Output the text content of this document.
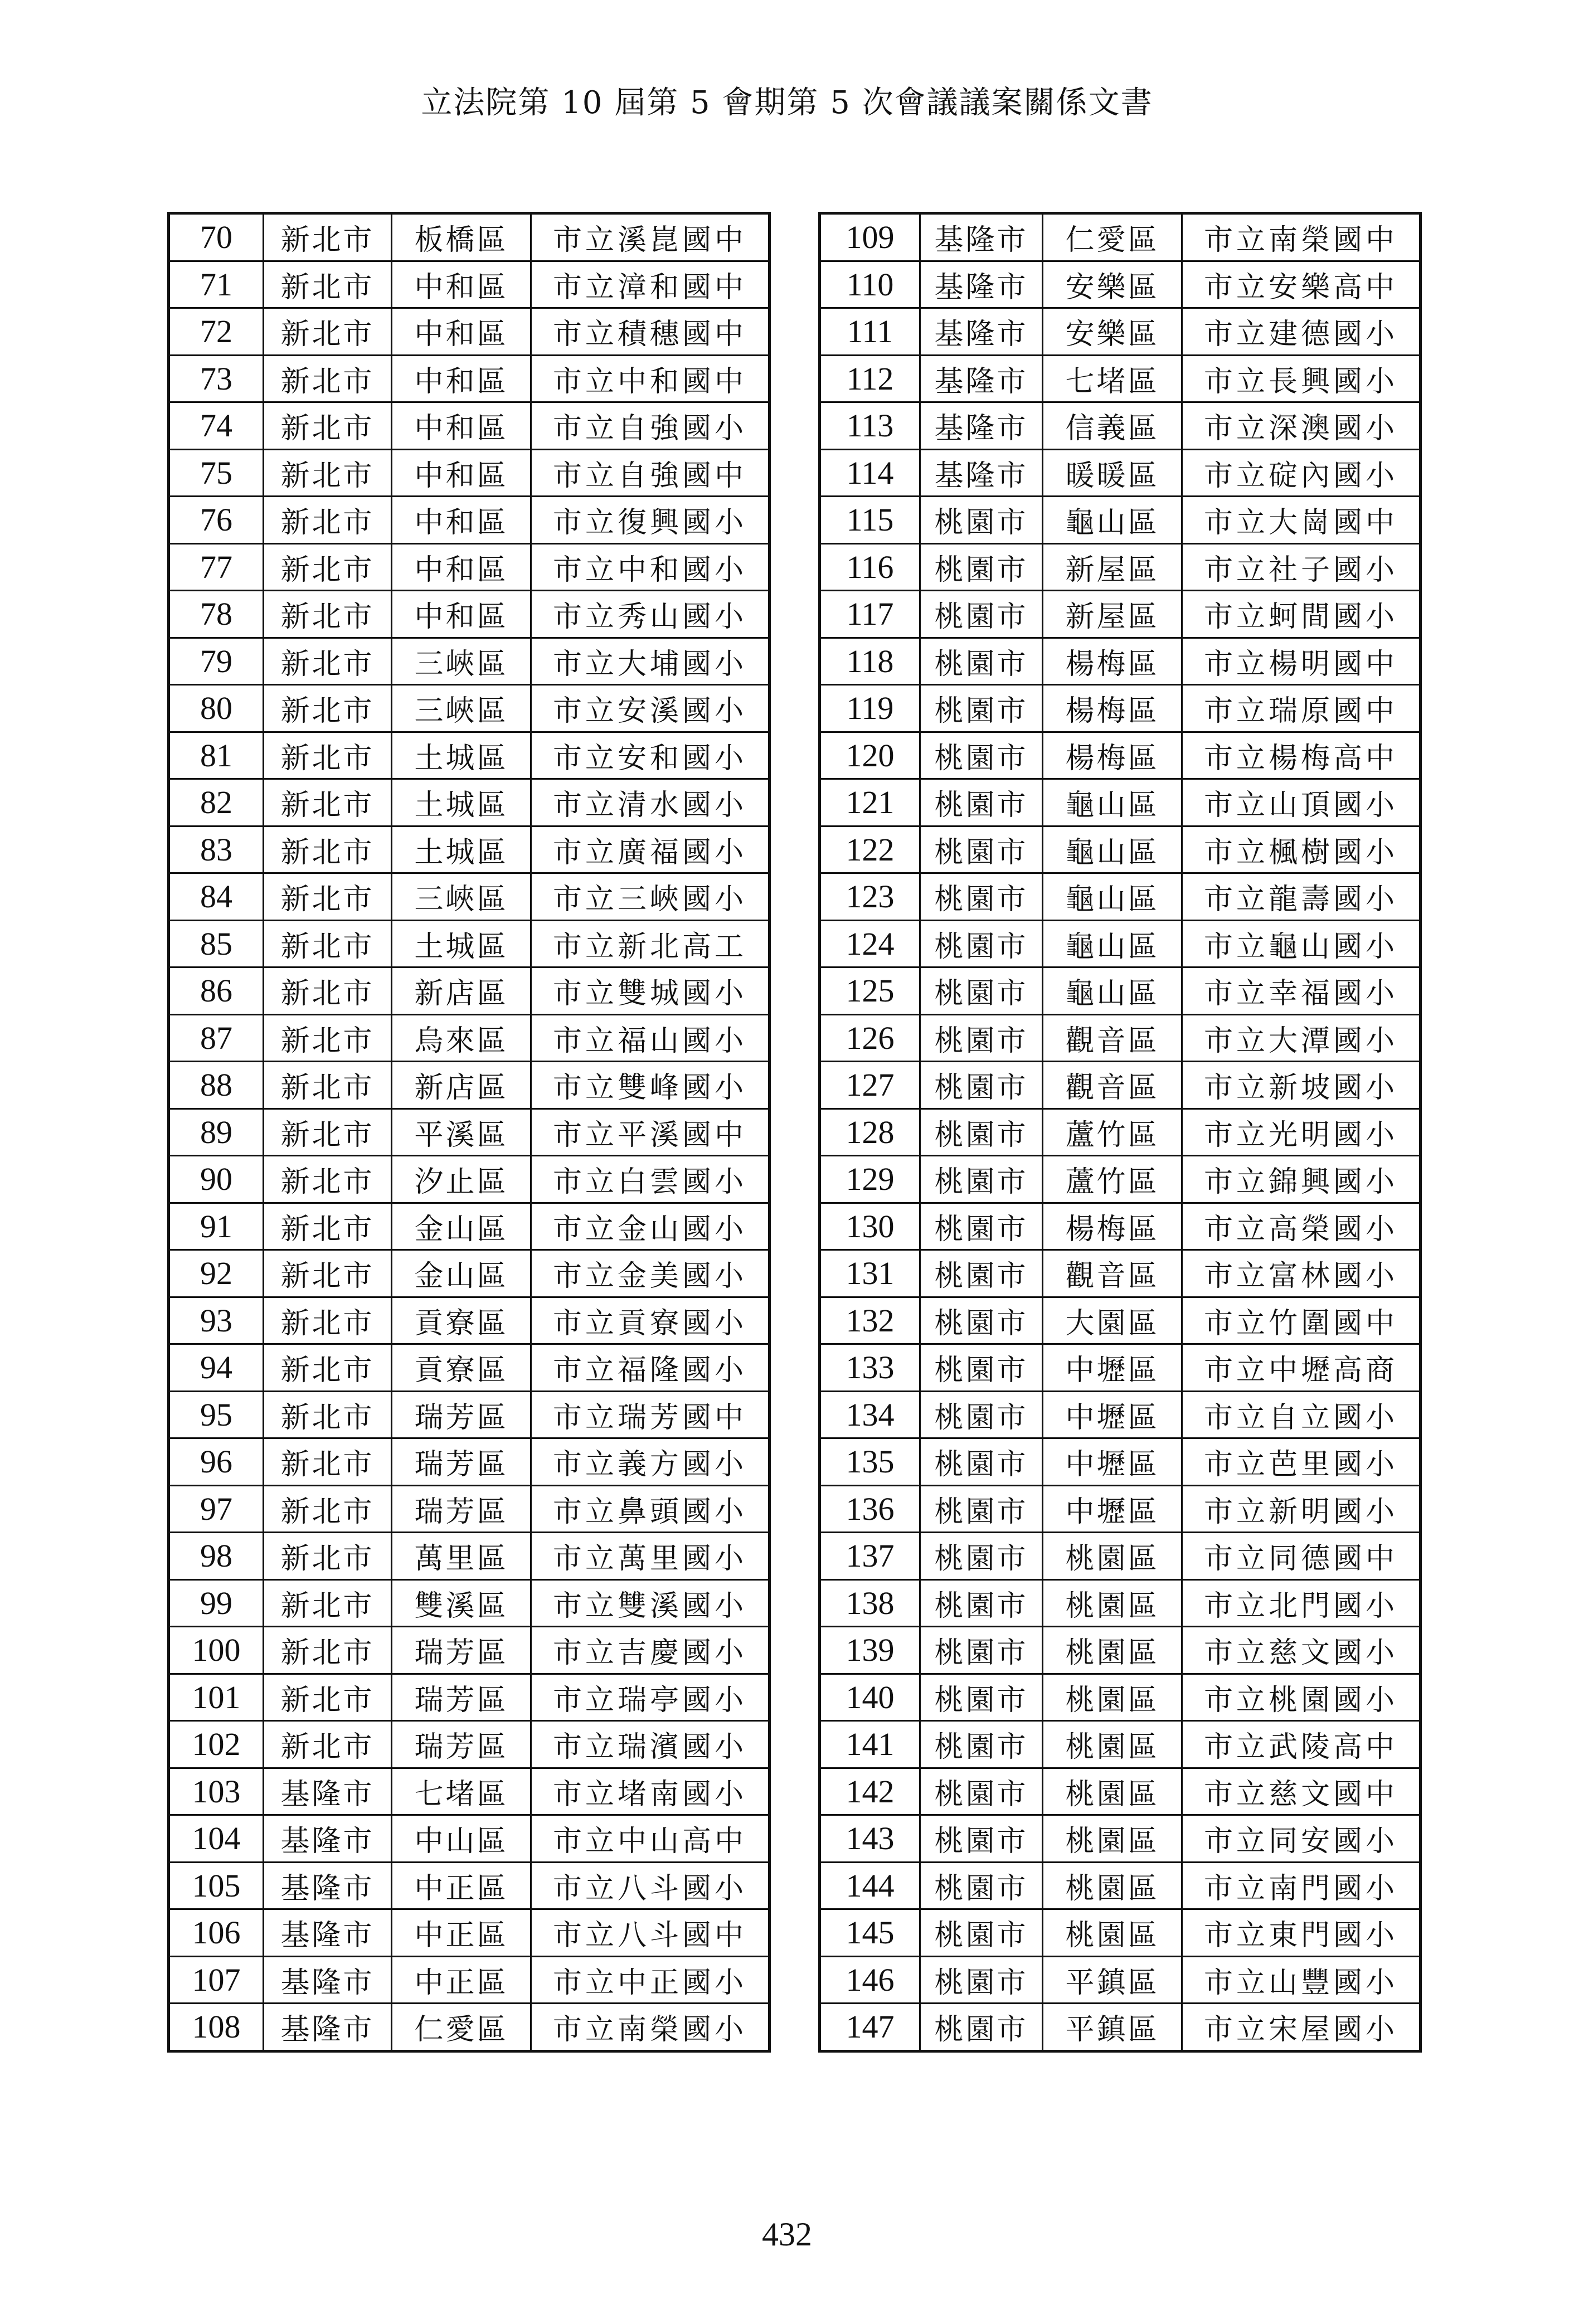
立法院第 10 屆第 5 會期第 5 次會議議案關係文書
70	新北市	板橋區	市立溪崑國中
71	新北市	中和區	市立漳和國中
72	新北市	中和區	市立積穗國中
73	新北市	中和區	市立中和國中
74	新北市	中和區	市立自強國小
75	新北市	中和區	市立自強國中
76	新北市	中和區	市立復興國小
77	新北市	中和區	市立中和國小
78	新北市	中和區	市立秀山國小
79	新北市	三峽區	市立大埔國小
80	新北市	三峽區	市立安溪國小
81	新北市	土城區	市立安和國小
82	新北市	土城區	市立清水國小
83	新北市	土城區	市立廣福國小
84	新北市	三峽區	市立三峽國小
85	新北市	土城區	市立新北高工
86	新北市	新店區	市立雙城國小
87	新北市	烏來區	市立福山國小
88	新北市	新店區	市立雙峰國小
89	新北市	平溪區	市立平溪國中
90	新北市	汐止區	市立白雲國小
91	新北市	金山區	市立金山國小
92	新北市	金山區	市立金美國小
93	新北市	貢寮區	市立貢寮國小
94	新北市	貢寮區	市立福隆國小
95	新北市	瑞芳區	市立瑞芳國中
96	新北市	瑞芳區	市立義方國小
97	新北市	瑞芳區	市立鼻頭國小
98	新北市	萬里區	市立萬里國小
99	新北市	雙溪區	市立雙溪國小
100	新北市	瑞芳區	市立吉慶國小
101	新北市	瑞芳區	市立瑞亭國小
102	新北市	瑞芳區	市立瑞濱國小
103	基隆市	七堵區	市立堵南國小
104	基隆市	中山區	市立中山高中
105	基隆市	中正區	市立八斗國小
106	基隆市	中正區	市立八斗國中
107	基隆市	中正區	市立中正國小
108	基隆市	仁愛區	市立南榮國小
109	基隆市	仁愛區	市立南榮國中
110	基隆市	安樂區	市立安樂高中
111	基隆市	安樂區	市立建德國小
112	基隆市	七堵區	市立長興國小
113	基隆市	信義區	市立深澳國小
114	基隆市	暖暖區	市立碇內國小
115	桃園市	龜山區	市立大崗國中
116	桃園市	新屋區	市立社子國小
117	桃園市	新屋區	市立蚵間國小
118	桃園市	楊梅區	市立楊明國中
119	桃園市	楊梅區	市立瑞原國中
120	桃園市	楊梅區	市立楊梅高中
121	桃園市	龜山區	市立山頂國小
122	桃園市	龜山區	市立楓樹國小
123	桃園市	龜山區	市立龍壽國小
124	桃園市	龜山區	市立龜山國小
125	桃園市	龜山區	市立幸福國小
126	桃園市	觀音區	市立大潭國小
127	桃園市	觀音區	市立新坡國小
128	桃園市	蘆竹區	市立光明國小
129	桃園市	蘆竹區	市立錦興國小
130	桃園市	楊梅區	市立高榮國小
131	桃園市	觀音區	市立富林國小
132	桃園市	大園區	市立竹圍國中
133	桃園市	中壢區	市立中壢高商
134	桃園市	中壢區	市立自立國小
135	桃園市	中壢區	市立芭里國小
136	桃園市	中壢區	市立新明國小
137	桃園市	桃園區	市立同德國中
138	桃園市	桃園區	市立北門國小
139	桃園市	桃園區	市立慈文國小
140	桃園市	桃園區	市立桃園國小
141	桃園市	桃園區	市立武陵高中
142	桃園市	桃園區	市立慈文國中
143	桃園市	桃園區	市立同安國小
144	桃園市	桃園區	市立南門國小
145	桃園市	桃園區	市立東門國小
146	桃園市	平鎮區	市立山豐國小
147	桃園市	平鎮區	市立宋屋國小
432
